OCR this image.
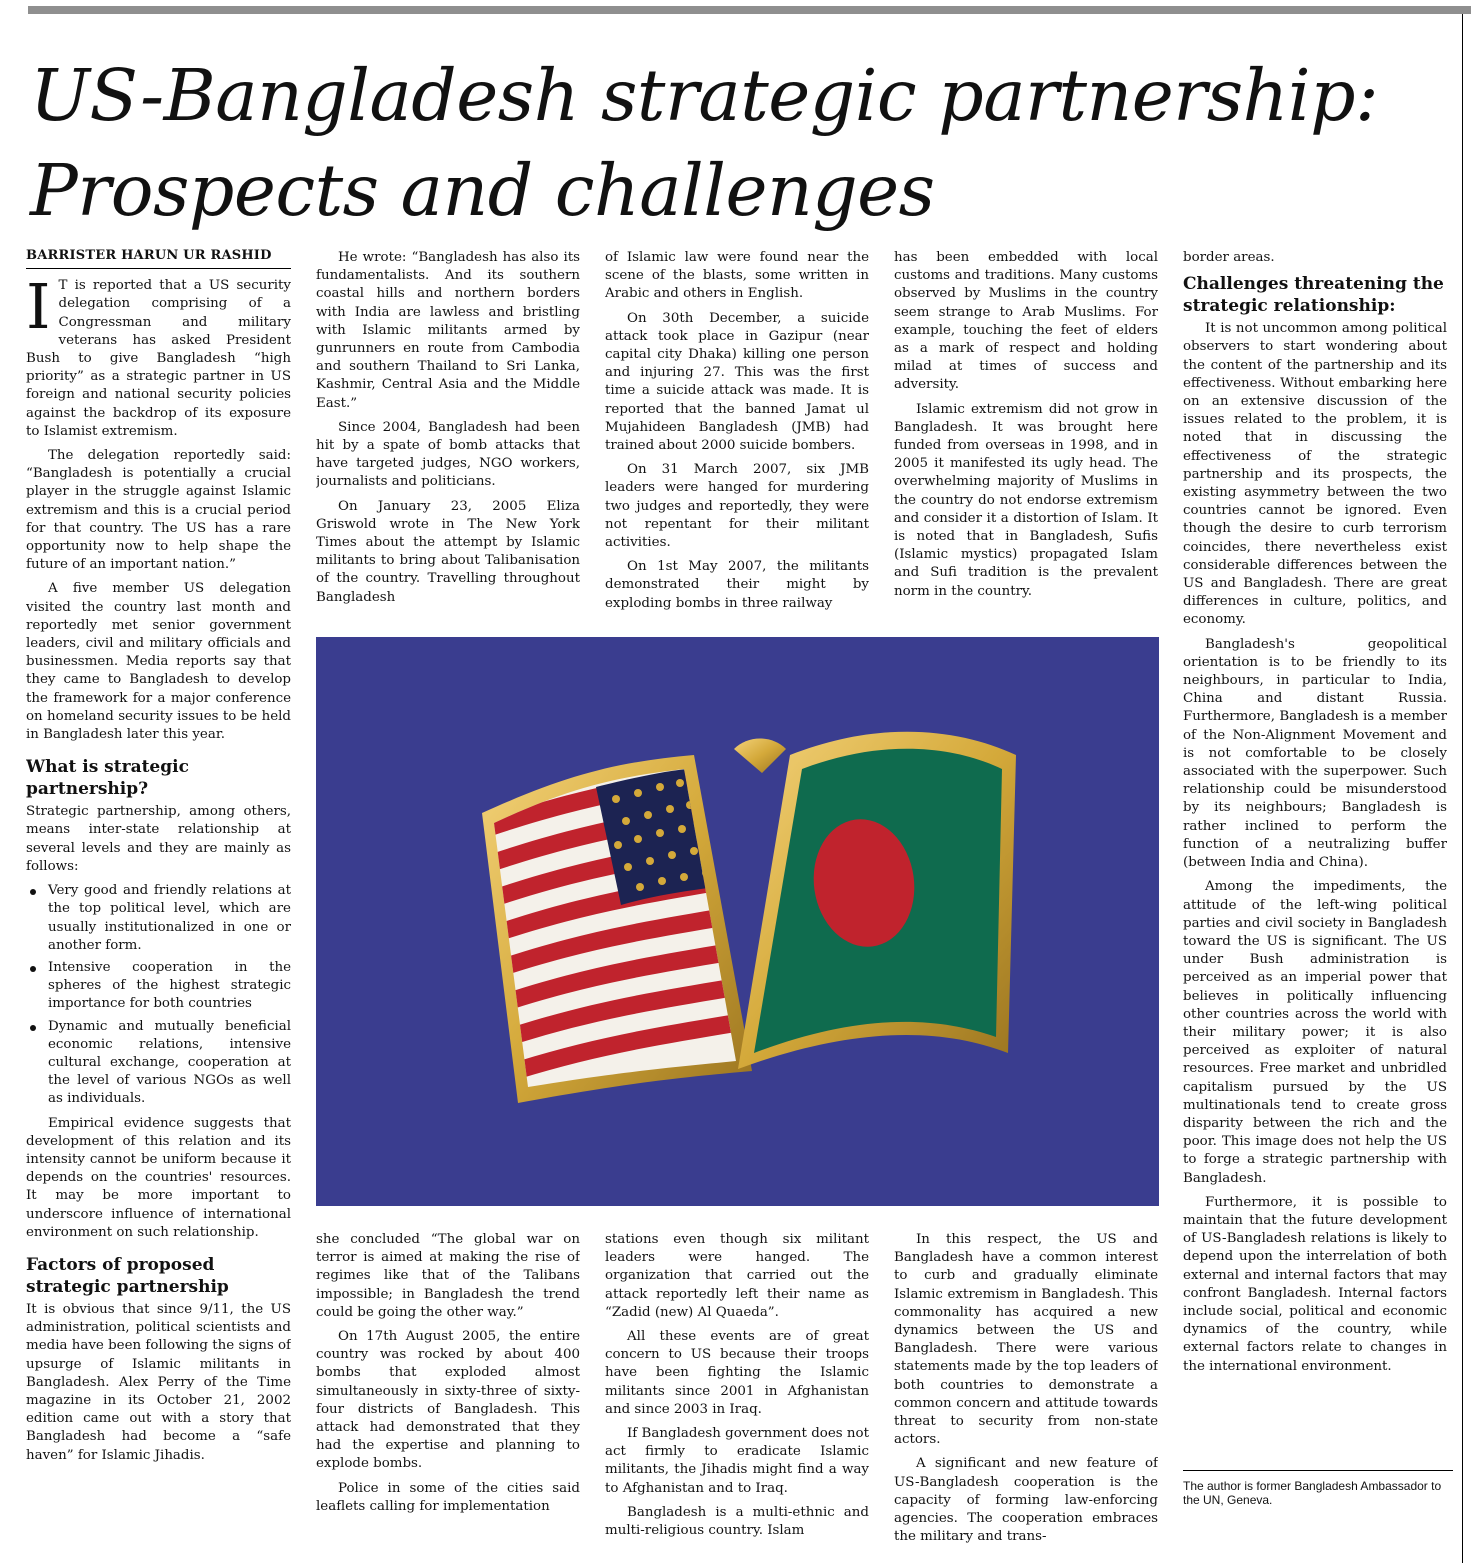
US-Bangladesh strategic partnership:
Prospects and challenges
BARRISTER HARUN UR RASHID

I T is reported that a US security delegation comprising of a Congressman and military veterans has asked President Bush to give Bangladesh “high priority” as a strategic partner in US foreign and national security policies against the backdrop of its exposure to Islamist extremism.

The delegation reportedly said: “Bangladesh is potentially a crucial player in the struggle against Islamic extremism and this is a crucial period for that country. The US has a rare opportunity now to help shape the future of an important nation.”

A five member US delegation visited the country last month and reportedly met senior government leaders, civil and military officials and businessmen. Media reports say that they came to Bangladesh to develop the framework for a major conference on homeland security issues to be held in Bangladesh later this year.

What is strategic partnership?

Strategic partnership, among others, means inter-state relationship at several levels and they are mainly as follows:

Very good and friendly relations at the top political level, which are usually institutionalized in one or another form.
Intensive cooperation in the spheres of the highest strategic importance for both countries
Dynamic and mutually beneficial economic relations, intensive cultural exchange, cooperation at the level of various NGOs as well as individuals.

Empirical evidence suggests that development of this relation and its intensity cannot be uniform because it depends on the countries' resources. It may be more important to underscore influence of international environment on such relationship.

Factors of proposed strategic partnership

It is obvious that since 9/11, the US administration, political scientists and media have been following the signs of upsurge of Islamic militants in Bangladesh. Alex Perry of the Time magazine in its October 21, 2002 edition came out with a story that Bangladesh had become a “safe haven” for Islamic Jihadis.

He wrote: “Bangladesh has also its fundamentalists. And its southern coastal hills and northern borders with India are lawless and bristling with Islamic militants armed by gunrunners en route from Cambodia and southern Thailand to Sri Lanka, Kashmir, Central Asia and the Middle East.”

Since 2004, Bangladesh had been hit by a spate of bomb attacks that have targeted judges, NGO workers, journalists and politicians.

On January 23, 2005 Eliza Griswold wrote in The New York Times about the attempt by Islamic militants to bring about Talibanisation of the country. Travelling throughout Bangladesh

of Islamic law were found near the scene of the blasts, some written in Arabic and others in English.

On 30th December, a suicide attack took place in Gazipur (near capital city Dhaka) killing one person and injuring 27. This was the first time a suicide attack was made. It is reported that the banned Jamat ul Mujahideen Bangladesh (JMB) had trained about 2000 suicide bombers.

On 31 March 2007, six JMB leaders were hanged for murdering two judges and reportedly, they were not repentant for their militant activities.

On 1st May 2007, the militants demonstrated their might by exploding bombs in three railway

has been embedded with local customs and traditions. Many customs observed by Muslims in the country seem strange to Arab Muslims. For example, touching the feet of elders as a mark of respect and holding milad at times of success and adversity.

Islamic extremism did not grow in Bangladesh. It was brought here funded from overseas in 1998, and in 2005 it manifested its ugly head. The overwhelming majority of Muslims in the country do not endorse extremism and consider it a distortion of Islam. It is noted that in Bangladesh, Sufis (Islamic mystics) propagated Islam and Sufi tradition is the prevalent norm in the country.

she concluded “The global war on terror is aimed at making the rise of regimes like that of the Talibans impossible; in Bangladesh the trend could be going the other way.”

On 17th August 2005, the entire country was rocked by about 400 bombs that exploded almost simultaneously in sixty-three of sixty-four districts of Bangladesh. This attack had demonstrated that they had the expertise and planning to explode bombs.

Police in some of the cities said leaflets calling for implementation

stations even though six militant leaders were hanged. The organization that carried out the attack reportedly left their name as “Zadid (new) Al Quaeda”.

All these events are of great concern to US because their troops have been fighting the Islamic militants since 2001 in Afghanistan and since 2003 in Iraq.

If Bangladesh government does not act firmly to eradicate Islamic militants, the Jihadis might find a way to Afghanistan and to Iraq.

Bangladesh is a multi-ethnic and multi-religious country. Islam

In this respect, the US and Bangladesh have a common interest to curb and gradually eliminate Islamic extremism in Bangladesh. This commonality has acquired a new dynamics between the US and Bangladesh. There were various statements made by the top leaders of both countries to demonstrate a common concern and attitude towards threat to security from non-state actors.

A significant and new feature of US-Bangladesh cooperation is the capacity of forming law-enforcing agencies. The cooperation embraces the military and trans-

border areas.

Challenges threatening the strategic relationship:

It is not uncommon among political observers to start wondering about the content of the partnership and its effectiveness. Without embarking here on an extensive discussion of the issues related to the problem, it is noted that in discussing the effectiveness of the strategic partnership and its prospects, the existing asymmetry between the two countries cannot be ignored. Even though the desire to curb terrorism coincides, there nevertheless exist considerable differences between the US and Bangladesh. There are great differences in culture, politics, and economy.

Bangladesh's geopolitical orientation is to be friendly to its neighbours, in particular to India, China and distant Russia. Furthermore, Bangladesh is a member of the Non-Alignment Movement and is not comfortable to be closely associated with the superpower. Such relationship could be misunderstood by its neighbours; Bangladesh is rather inclined to perform the function of a neutralizing buffer (between India and China).

Among the impediments, the attitude of the left-wing political parties and civil society in Bangladesh toward the US is significant. The US under Bush administration is perceived as an imperial power that believes in politically influencing other countries across the world with their military power; it is also perceived as exploiter of natural resources. Free market and unbridled capitalism pursued by the US multinationals tend to create gross disparity between the rich and the poor. This image does not help the US to forge a strategic partnership with Bangladesh.

Furthermore, it is possible to maintain that the future development of US-Bangladesh relations is likely to depend upon the interrelation of both external and internal factors that may confront Bangladesh. Internal factors include social, political and economic dynamics of the country, while external factors relate to changes in the international environment.

The author is former Bangladesh Ambassador to the UN, Geneva.
